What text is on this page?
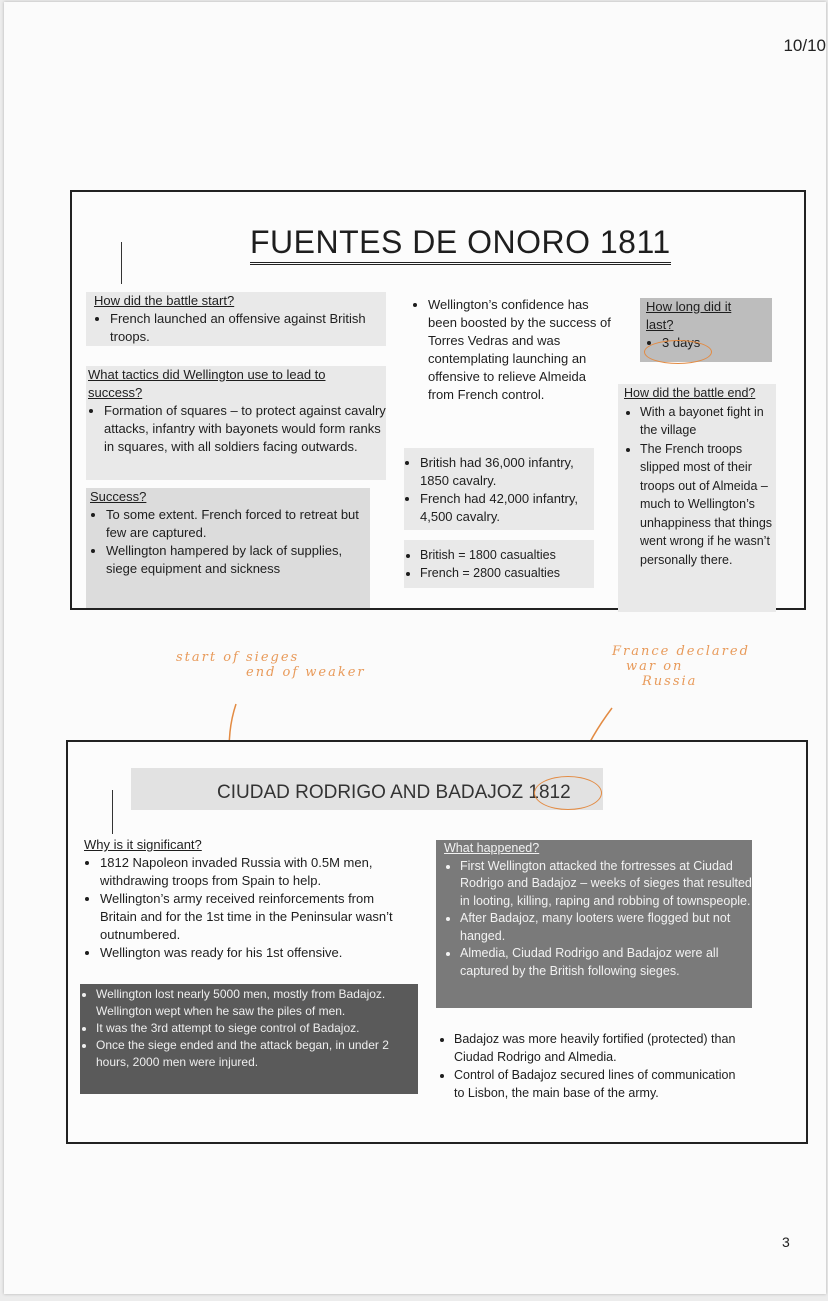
10/10
FUENTES DE ONORO 1811
How did the battle start?
• French launched an offensive against British troops.
What tactics did Wellington use to lead to success?
• Formation of squares – to protect against cavalry attacks, infantry with bayonets would form ranks in squares, with all soldiers facing outwards.
Success?
• To some extent. French forced to retreat but few are captured.
• Wellington hampered by lack of supplies, siege equipment and sickness
• Wellington’s confidence has been boosted by the success of Torres Vedras and was contemplating launching an offensive to relieve Almeida from French control.
• British had 36,000 infantry, 1850 cavalry.
• French had 42,000 infantry, 4,500 cavalry.
• British = 1800 casualties
• French = 2800 casualties
How long did it last?
• 3 days
How did the battle end?
• With a bayonet fight in the village
• The French troops slipped most of their troops out of Almeida – much to Wellington’s unhappiness that things went wrong if he wasn’t personally there.
start of sieges
end of weaker
France declared
war on
Russia
CIUDAD RODRIGO AND BADAJOZ 1812
Why is it significant?
• 1812 Napoleon invaded Russia with 0.5M men, withdrawing troops from Spain to help.
• Wellington’s army received reinforcements from Britain and for the 1st time in the Peninsular wasn’t outnumbered.
• Wellington was ready for his 1st offensive.
• Wellington lost nearly 5000 men, mostly from Badajoz. Wellington wept when he saw the piles of men.
• It was the 3rd attempt to siege control of Badajoz.
• Once the siege ended and the attack began, in under 2 hours, 2000 men were injured.
What happened?
• First Wellington attacked the fortresses at Ciudad Rodrigo and Badajoz – weeks of sieges that resulted in looting, killing, raping and robbing of townspeople.
• After Badajoz, many looters were flogged but not hanged.
• Almedia, Ciudad Rodrigo and Badajoz were all captured by the British following sieges.
• Badajoz was more heavily fortified (protected) than Ciudad Rodrigo and Almedia.
• Control of Badajoz secured lines of communication to Lisbon, the main base of the army.
3
